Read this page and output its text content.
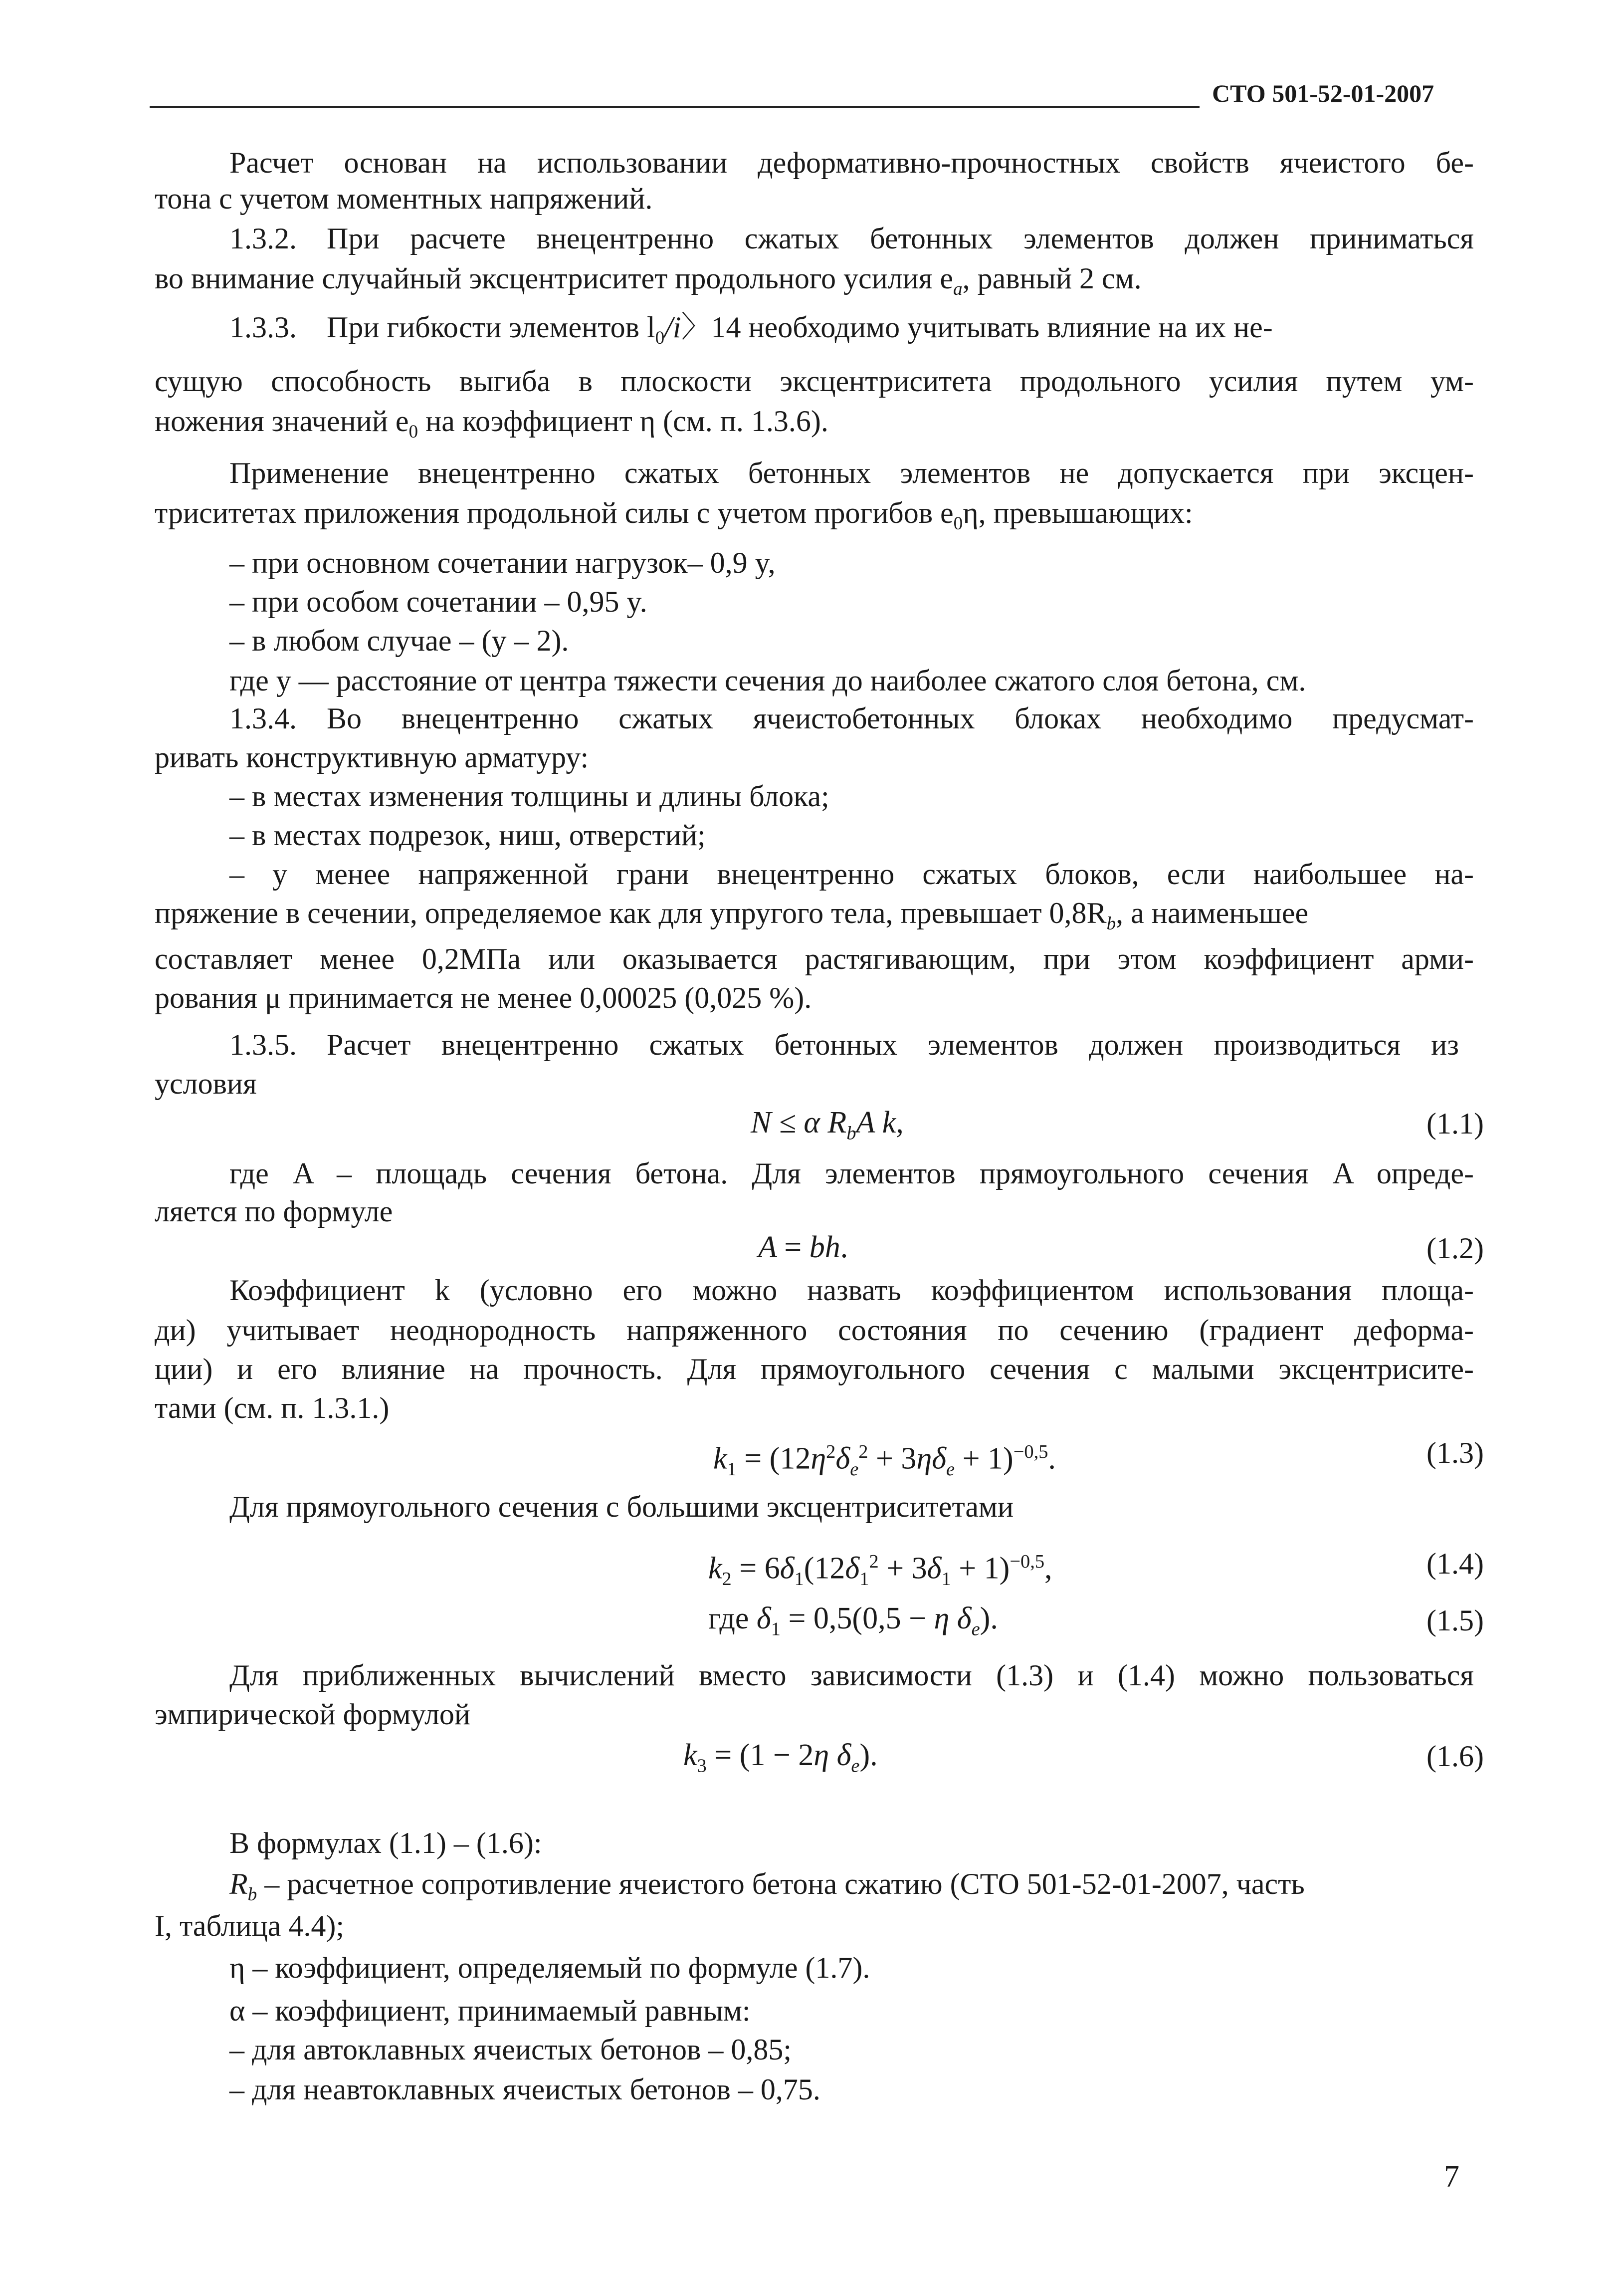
СТО 501-52-01-2007
Расчет основан на использовании деформативно-прочностных свойств ячеистого бе-
тона с учетом моментных напряжений.
1.3.2. При расчете внецентренно сжатых бетонных элементов должен приниматься
во внимание случайный эксцентриситет продольного усилия $e_a$, равный 2 см.
1.3.3. При гибкости элементов $l_0/i$〉14 необходимо учитывать влияние на их не-
сущую способность выгиба в плоскости эксцентриситета продольного усилия путем ум-
ножения значений $e_0$ на коэффициент η (см. п. 1.3.6).
Применение внецентренно сжатых бетонных элементов не допускается при эксцен-
триситетах приложения продольной силы с учетом прогибов $e_0\eta$, превышающих:
– при основном сочетании нагрузок– 0,9 y,
– при особом сочетании – 0,95 y.
– в любом случае – (y – 2).
где y — расстояние от центра тяжести сечения до наиболее сжатого слоя бетона, см.
1.3.4. Во внецентренно сжатых ячеистобетонных блоках необходимо предусмат-
ривать конструктивную арматуру:
– в местах изменения толщины и длины блока;
– в местах подрезок, ниш, отверстий;
– у менее напряженной грани внецентренно сжатых блоков, если наибольшее на-
пряжение в сечении, определяемое как для упругого тела, превышает $0,8R_b$, а наименьшее
составляет менее 0,2МПа или оказывается растягивающим, при этом коэффициент арми-
рования μ принимается не менее 0,00025 (0,025 %).
1.3.5. Расчет внецентренно сжатых бетонных элементов должен производиться из
условия
N ≤ α $R_bA$ k,	(1.1)
где A – площадь сечения бетона. Для элементов прямоугольного сечения A опреде-
ляется по формуле
A = bh.	(1.2)
Коэффициент k (условно его можно назвать коэффициентом использования площа-
ди) учитывает неоднородность напряженного состояния по сечению (градиент деформа-
ции) и его влияние на прочность. Для прямоугольного сечения с малыми эксцентриситe-
тами (см. п. 1.3.1.)
$k_1 = (12\eta^2\delta_e^2 + 3\eta\delta_e + 1)^{-0,5}$.	(1.3)
Для прямоугольного сечения с большими эксцентриситетами
$k_2 = 6\delta_1(12\delta_1^2 + 3\delta_1 + 1)^{-0,5}$,	(1.4)
где $\delta_1 = 0,5(0,5 - \eta$ $\delta_e$).	(1.5)
Для приближенных вычислений вместо зависимости (1.3) и (1.4) можно пользоваться
эмпирической формулой
$k_3 = (1 - 2\eta$ $\delta_e$).	(1.6)
В формулах (1.1) – (1.6):
$R_b$ – расчетное сопротивление ячеистого бетона сжатию (СТО 501-52-01-2007, часть
I, таблица 4.4);
η – коэффициент, определяемый по формуле (1.7).
α – коэффициент, принимаемый равным:
– для автоклавных ячеистых бетонов – 0,85;
– для неавтоклавных ячеистых бетонов – 0,75.
7
